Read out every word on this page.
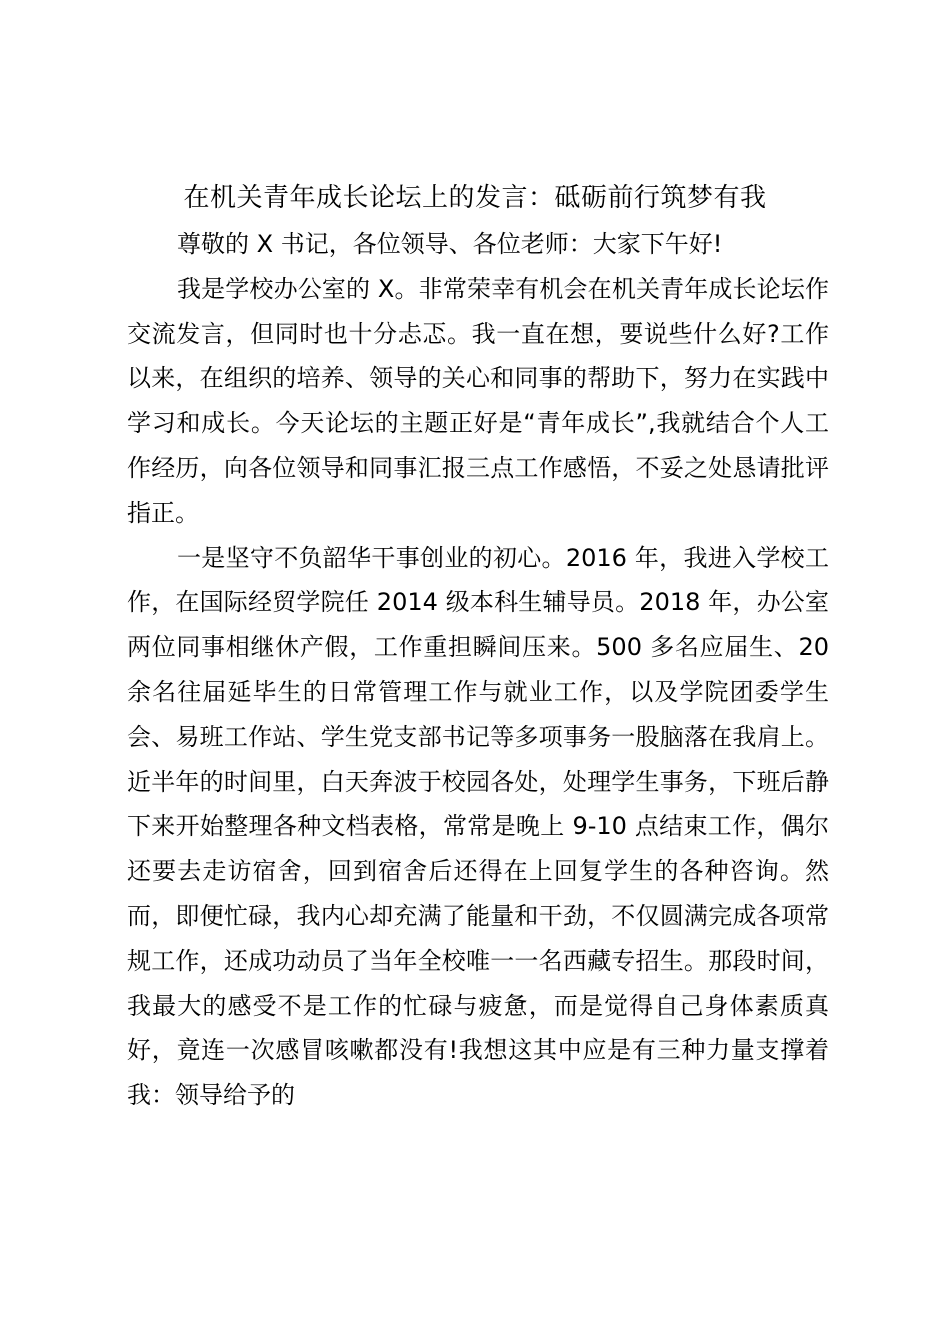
在机关青年成长论坛上的发言：砥砺前行筑梦有我

尊敬的 X 书记，各位领导、各位老师：大家下午好!

我是学校办公室的 X。非常荣幸有机会在机关青年成长论坛作交流发言，但同时也十分忐忑。我一直在想，要说些什么好?工作以来，在组织的培养、领导的关心和同事的帮助下，努力在实践中学习和成长。今天论坛的主题正好是“青年成长”,我就结合个人工作经历，向各位领导和同事汇报三点工作感悟，不妥之处恳请批评指正。

一是坚守不负韶华干事创业的初心。2016 年，我进入学校工作，在国际经贸学院任 2014 级本科生辅导员。2018 年，办公室两位同事相继休产假，工作重担瞬间压来。500 多名应届生、20 余名往届延毕生的日常管理工作与就业工作，以及学院团委学生会、易班工作站、学生党支部书记等多项事务一股脑落在我肩上。近半年的时间里，白天奔波于校园各处，处理学生事务，下班后静下来开始整理各种文档表格，常常是晚上 9-10 点结束工作，偶尔还要去走访宿舍，回到宿舍后还得在上回复学生的各种咨询。然而，即便忙碌，我内心却充满了能量和干劲，不仅圆满完成各项常规工作，还成功动员了当年全校唯一一名西藏专招生。那段时间，我最大的感受不是工作的忙碌与疲惫，而是觉得自己身体素质真好，竟连一次感冒咳嗽都没有!我想这其中应是有三种力量支撑着我：领导给予的
